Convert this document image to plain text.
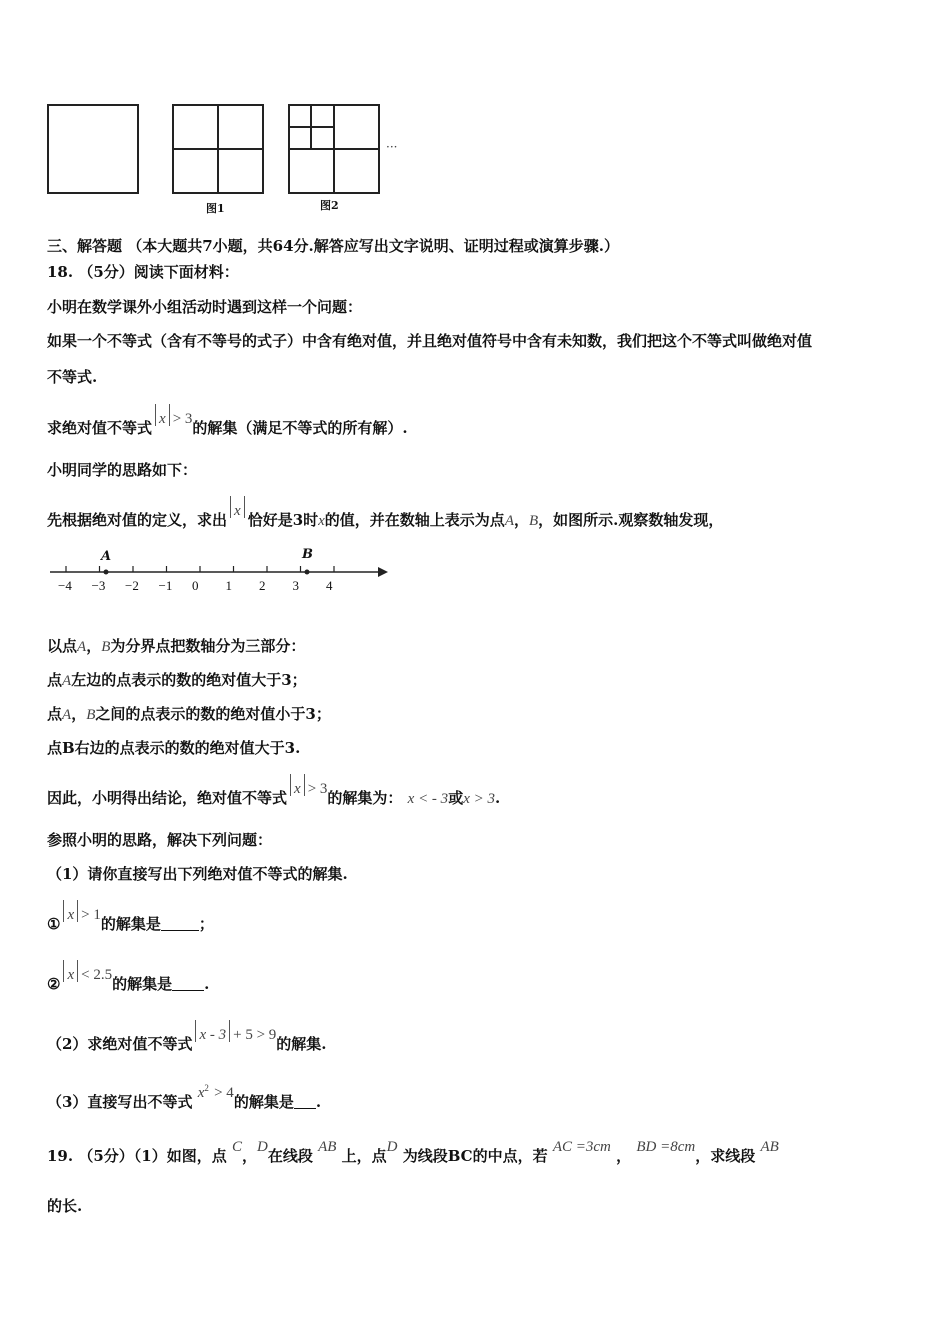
···
图1	图2
三、解答题 （本大题共7小题，共64分.解答应写出文字说明、证明过程或演算步骤.）
18. （5分）阅读下面材料：
小明在数学课外小组活动时遇到这样一个问题：
如果一个不等式（含有不等号的式子）中含有绝对值，并且绝对值符号中含有未知数，我们把这个不等式叫做绝对值
不等式.
求绝对值不等式 x > 3的解集（满足不等式的所有解）.
小明同学的思路如下：
先根据绝对值的定义，求出 x 恰好是3时x的值，并在数轴上表示为点A，B，如图所示.观察数轴发现，
A	B
−4 −3 −2 −1 0 1 2 3 4
以点A，B为分界点把数轴分为三部分：
点A左边的点表示的数的绝对值大于3；
点A，B之间的点表示的数的绝对值小于3；
点B右边的点表示的数的绝对值大于3.
因此，小明得出结论，绝对值不等式 x > 3的解集为： x < - 3或x > 3.
参照小明的思路，解决下列问题：
（1）请你直接写出下列绝对值不等式的解集.
① x > 1的解集是	；
② x < 2.5的解集是 .
（2）求绝对值不等式 x - 3 + 5 > 9的解集.
（3）直接写出不等式 $x^2 > 4$的解集是 .
19. （5分）（1）如图，点 C，D在线段 AB 上，点D 为线段BC的中点，若 AC =3cm ， BD =8cm，求线段 AB
的长.
